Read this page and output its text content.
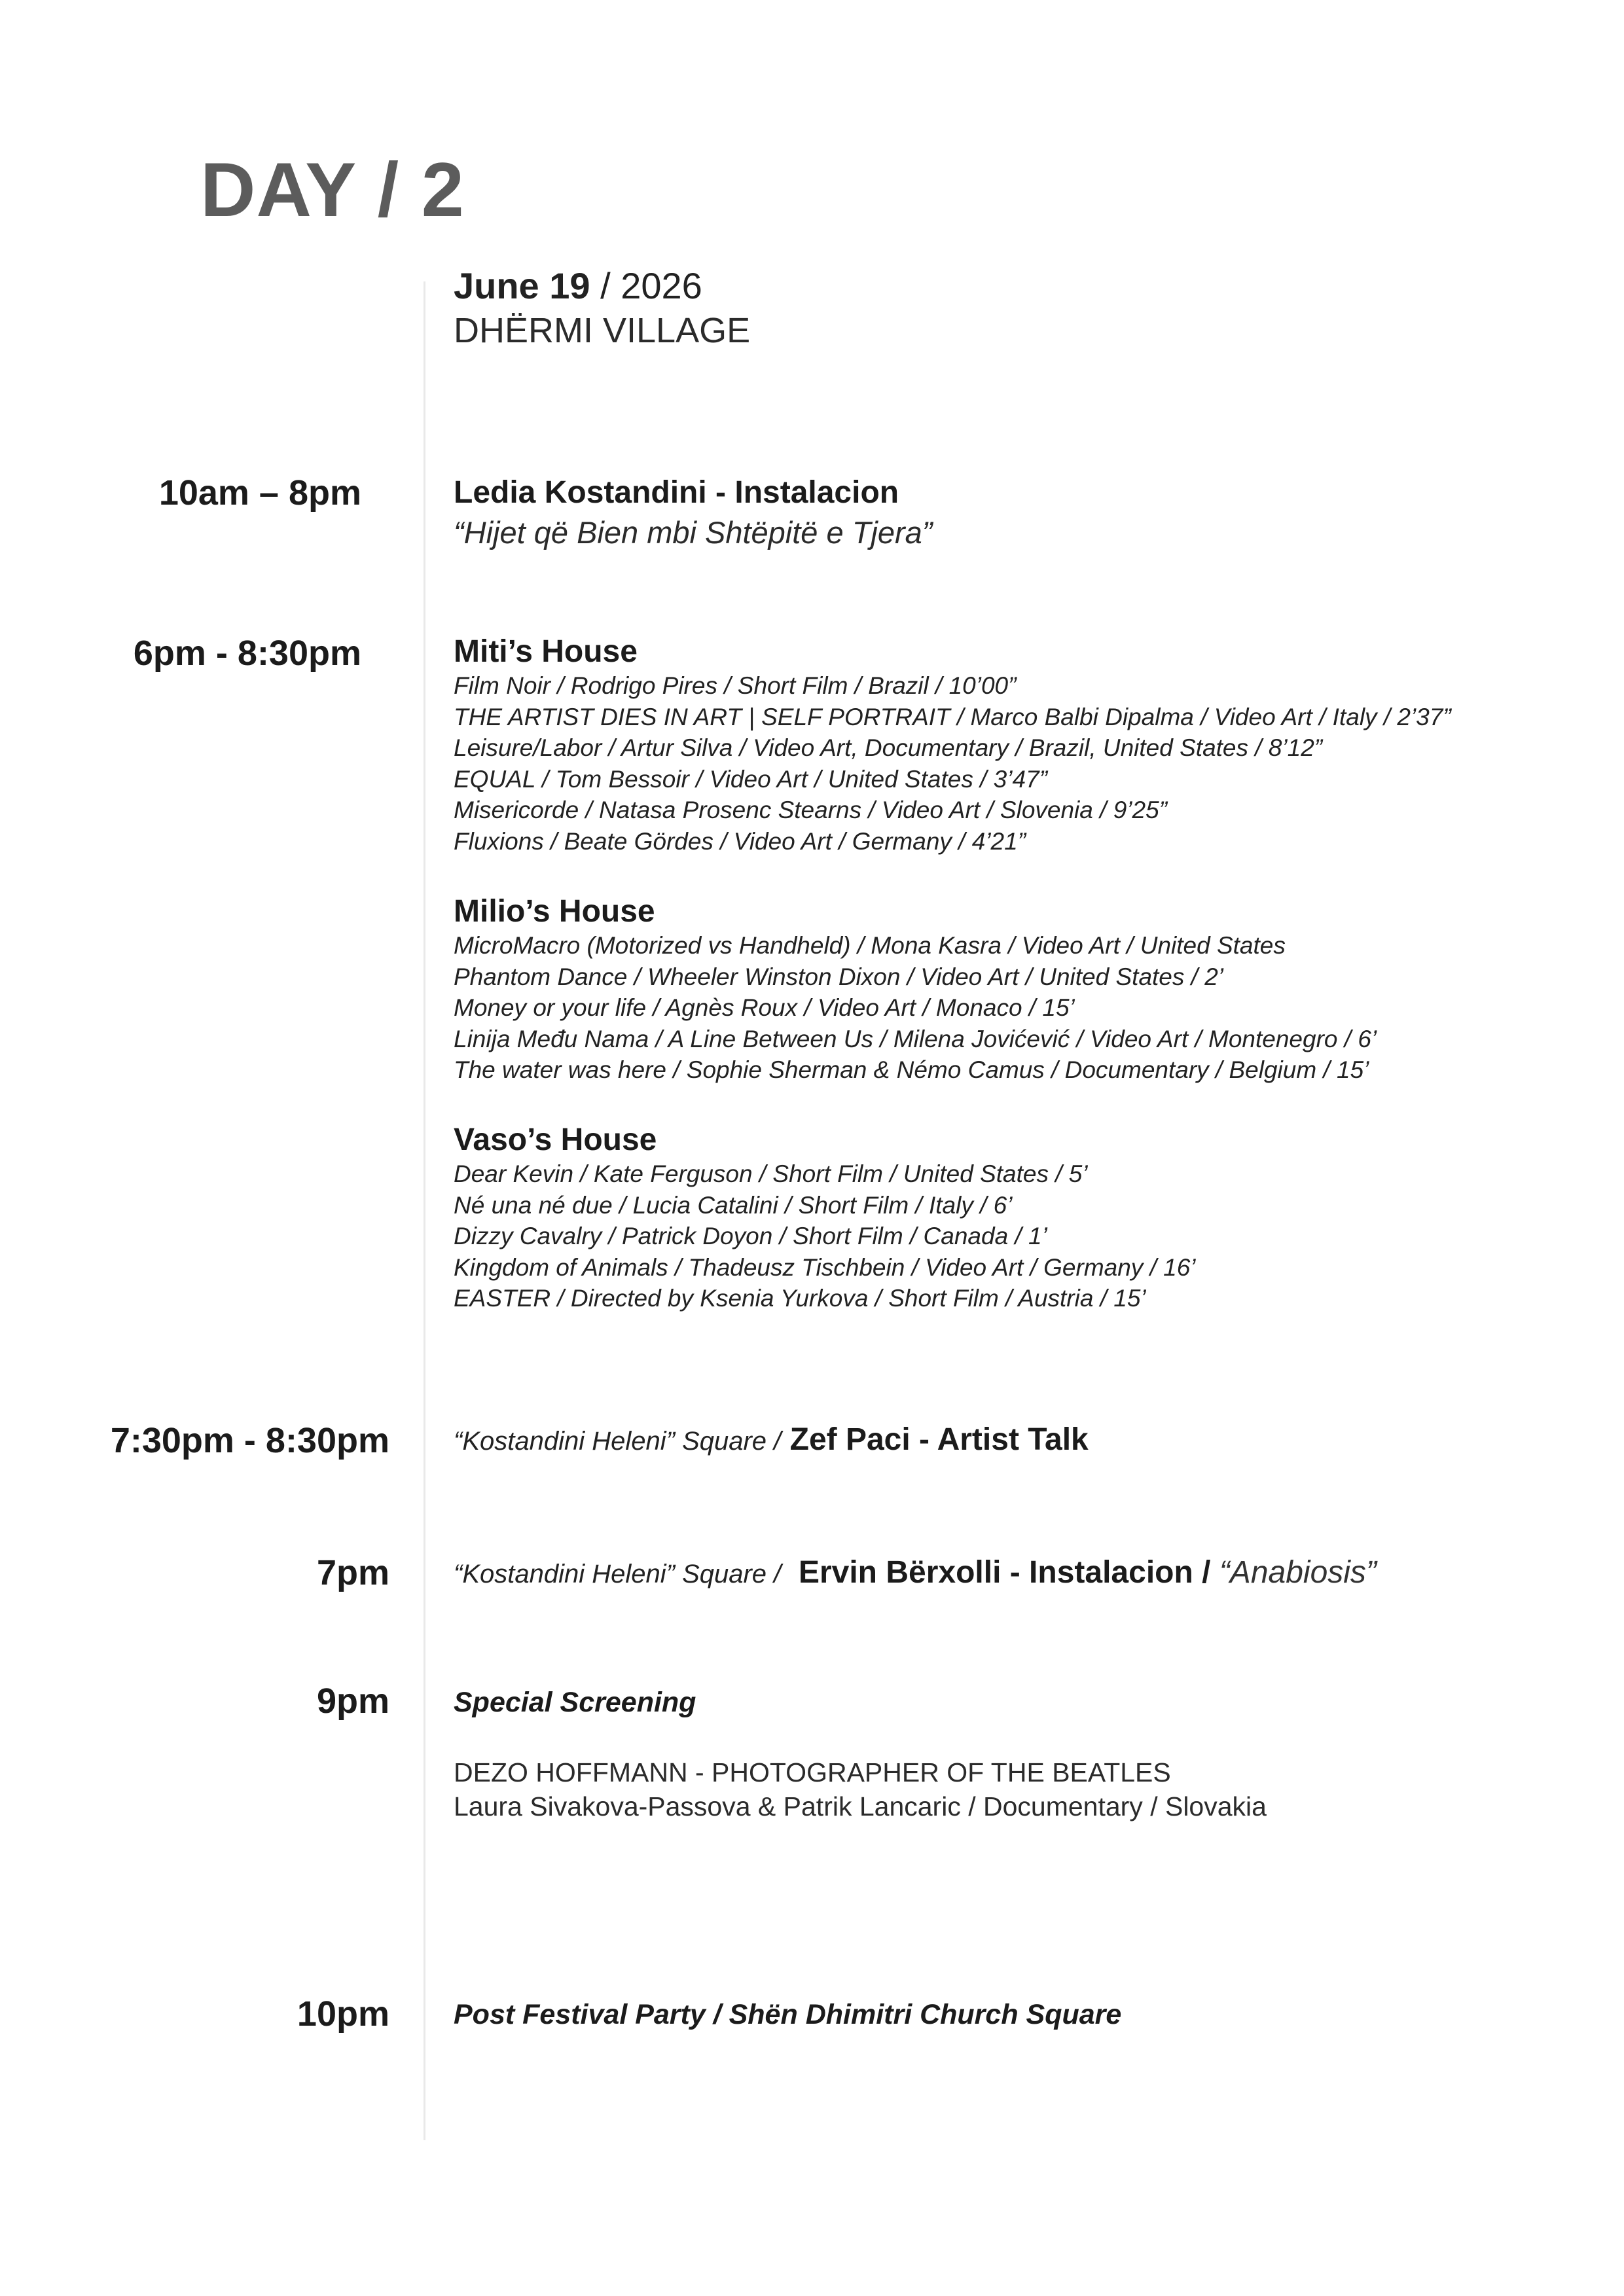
DAY / 2
June 19 / 2026
DHËRMI VILLAGE
10am – 8pm	Ledia Kostandini - Instalacion
“Hijet që Bien mbi Shtëpitë e Tjera”
6pm - 8:30pm	Miti’s House
Film Noir / Rodrigo Pires / Short Film / Brazil / 10’00”
THE ARTIST DIES IN ART | SELF PORTRAIT / Marco Balbi Dipalma / Video Art / Italy / 2’37”
Leisure/Labor / Artur Silva / Video Art, Documentary / Brazil, United States / 8’12”
EQUAL / Tom Bessoir / Video Art / United States / 3’47”
Misericorde / Natasa Prosenc Stearns / Video Art / Slovenia / 9’25”
Fluxions / Beate Gördes / Video Art / Germany / 4’21”
Milio’s House
MicroMacro (Motorized vs Handheld) / Mona Kasra / Video Art / United States
Phantom Dance / Wheeler Winston Dixon / Video Art / United States / 2’
Money or your life / Agnès Roux / Video Art / Monaco / 15’
Linija Među Nama / A Line Between Us / Milena Jovićević / Video Art / Montenegro / 6’
The water was here / Sophie Sherman & Némo Camus / Documentary / Belgium / 15’
Vaso’s House
Dear Kevin / Kate Ferguson / Short Film / United States / 5’
Né una né due / Lucia Catalini / Short Film / Italy / 6’
Dizzy Cavalry / Patrick Doyon / Short Film / Canada / 1’
Kingdom of Animals / Thadeusz Tischbein / Video Art / Germany / 16’
EASTER / Directed by Ksenia Yurkova / Short Film / Austria / 15’
7:30pm - 8:30pm “Kostandini Heleni” Square / Zef Paci - Artist Talk
7pm “Kostandini Heleni” Square / Ervin Bërxolli - Instalacion / “Anabiosis”
9pm Special Screening
DEZO HOFFMANN - PHOTOGRAPHER OF THE BEATLES
Laura Sivakova-Passova & Patrik Lancaric / Documentary / Slovakia
10pm Post Festival Party / Shën Dhimitri Church Square
